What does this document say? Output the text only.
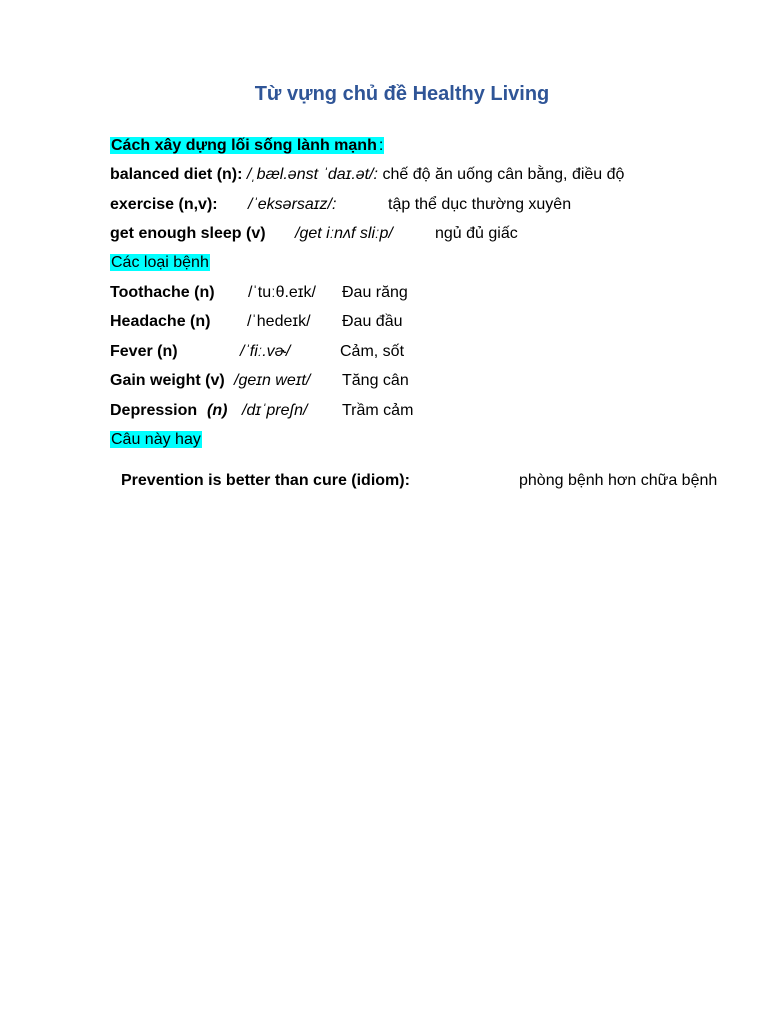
Từ vựng chủ đề Healthy Living
Cách xây dựng lối sống lành mạnh :
balanced diet (n): /ˌbæl.ənst ˈdaɪ.ət/: chế độ ăn uống cân bằng, điều độ
exercise (n,v): /ˈeksərsaɪz/:	tập thể dục thường xuyên
get enough sleep (v) /get iːnʌf sliːp/	ngủ đủ giấc
Các loại bệnh
Toothache (n) /ˈtuːθ.eɪk/ Đau răng
Headache (n) /ˈhedeɪk/ Đau đầu
Fever (n)	/ˈfiː.vɚ/	Cảm, sốt
Gain weight (v) /ɡeɪn weɪt/ Tăng cân
Depression (n) /dɪˈpreʃn/ Trầm cảm
Câu này hay
Prevention is better than cure (idiom):	phòng bệnh hơn chữa bệnh
